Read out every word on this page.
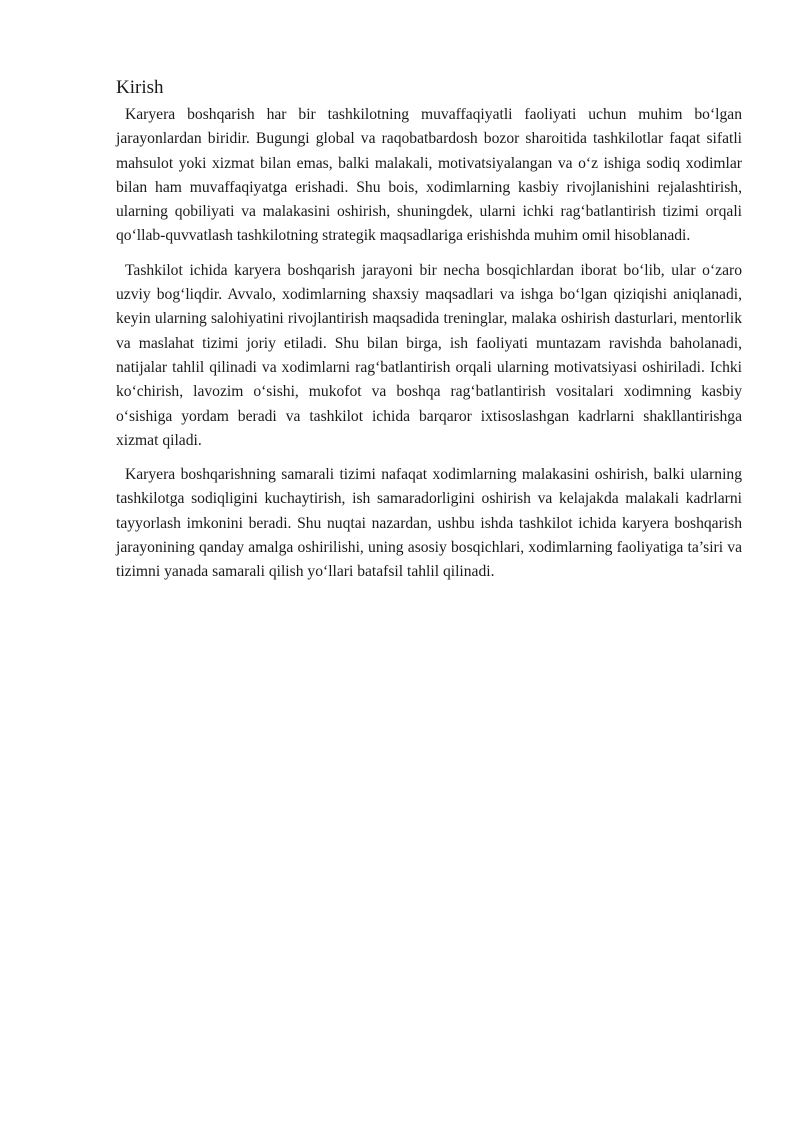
Kirish

Karyera boshqarish har bir tashkilotning muvaffaqiyatli faoliyati uchun muhim bo‘lgan jarayonlardan biridir. Bugungi global va raqobatbardosh bozor sharoitida tashkilotlar faqat sifatli mahsulot yoki xizmat bilan emas, balki malakali, motivatsiyalangan va o‘z ishiga sodiq xodimlar bilan ham muvaffaqiyatga erishadi. Shu bois, xodimlarning kasbiy rivojlanishini rejalashtirish, ularning qobiliyati va malakasini oshirish, shuningdek, ularni ichki rag‘batlantirish tizimi orqali qo‘llab-quvvatlash tashkilotning strategik maqsadlariga erishishda muhim omil hisoblanadi.

Tashkilot ichida karyera boshqarish jarayoni bir necha bosqichlardan iborat bo‘lib, ular o‘zaro uzviy bog‘liqdir. Avvalo, xodimlarning shaxsiy maqsadlari va ishga bo‘lgan qiziqishi aniqlanadi, keyin ularning salohiyatini rivojlantirish maqsadida treninglar, malaka oshirish dasturlari, mentorlik va maslahat tizimi joriy etiladi. Shu bilan birga, ish faoliyati muntazam ravishda baholanadi, natijalar tahlil qilinadi va xodimlarni rag‘batlantirish orqali ularning motivatsiyasi oshiriladi. Ichki ko‘chirish, lavozim o‘sishi, mukofot va boshqa rag‘batlantirish vositalari xodimning kasbiy o‘sishiga yordam beradi va tashkilot ichida barqaror ixtisoslashgan kadrlarni shakllantirishga xizmat qiladi.

Karyera boshqarishning samarali tizimi nafaqat xodimlarning malakasini oshirish, balki ularning tashkilotga sodiqligini kuchaytirish, ish samaradorligini oshirish va kelajakda malakali kadrlarni tayyorlash imkonini beradi. Shu nuqtai nazardan, ushbu ishda tashkilot ichida karyera boshqarish jarayonining qanday amalga oshirilishi, uning asosiy bosqichlari, xodimlarning faoliyatiga ta’siri va tizimni yanada samarali qilish yo‘llari batafsil tahlil qilinadi.
